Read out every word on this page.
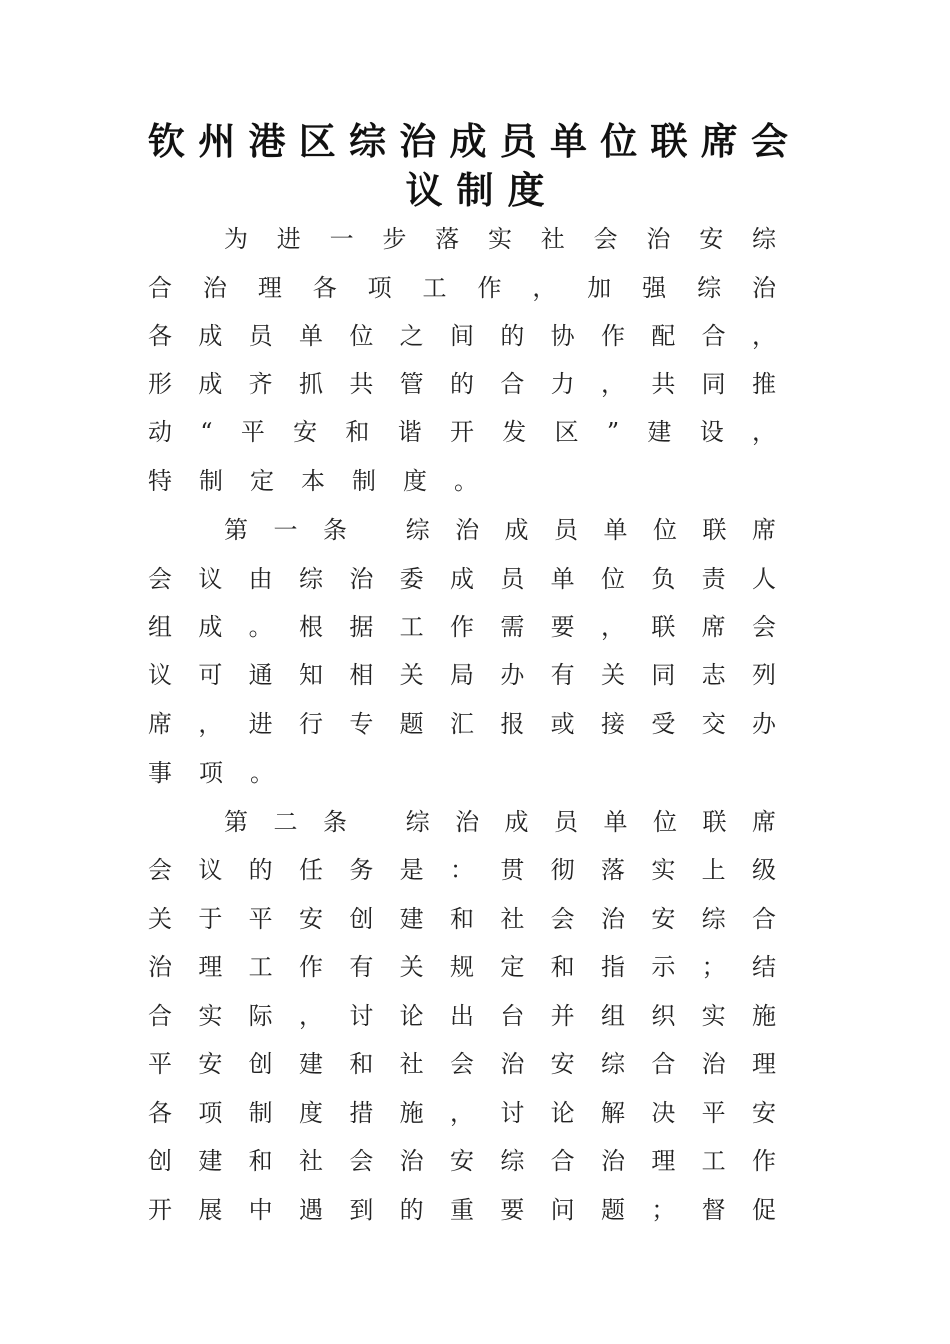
钦州港区综治成员单位联席会
议制度
为进一步落实社会治安综
合治理各项工作，加强综治
各成员单位之间的协作配合，
形成齐抓共管的合力，共同推
动“平安和谐开发区”建设，
特制定本制度。
第一条 综治成员单位联席
会议由综治委成员单位负责人
组成。根据工作需要，联席会
议可通知相关局办有关同志列
席，进行专题汇报或接受交办
事项。
第二条 综治成员单位联席
会议的任务是：贯彻落实上级
关于平安创建和社会治安综合
治理工作有关规定和指示；结
合实际，讨论出台并组织实施
平安创建和社会治安综合治理
各项制度措施，讨论解决平安
创建和社会治安综合治理工作
开展中遇到的重要问题；督促
